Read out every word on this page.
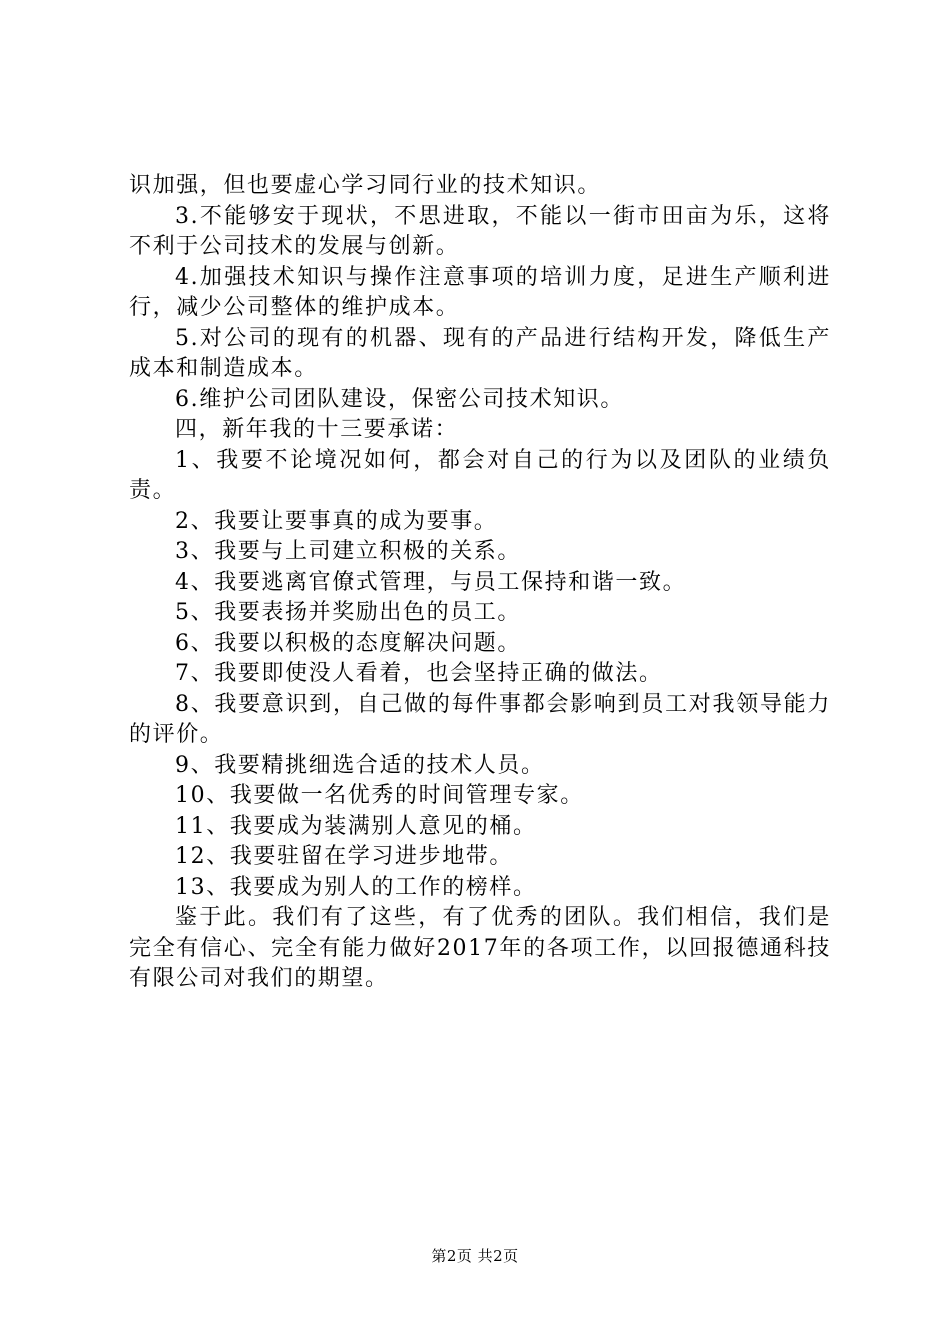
识加强，但也要虚心学习同行业的技术知识。

3.不能够安于现状，不思进取，不能以一街市田亩为乐，这将不利于公司技术的发展与创新。

4.加强技术知识与操作注意事项的培训力度，足进生产顺利进行，减少公司整体的维护成本。

5.对公司的现有的机器、现有的产品进行结构开发，降低生产成本和制造成本。

6.维护公司团队建设，保密公司技术知识。

四，新年我的十三要承诺：

1、我要不论境况如何，都会对自己的行为以及团队的业绩负责。

2、我要让要事真的成为要事。

3、我要与上司建立积极的关系。

4、我要逃离官僚式管理，与员工保持和谐一致。

5、我要表扬并奖励出色的员工。

6、我要以积极的态度解决问题。

7、我要即使没人看着，也会坚持正确的做法。

8、我要意识到，自己做的每件事都会影响到员工对我领导能力的评价。

9、我要精挑细选合适的技术人员。

10、我要做一名优秀的时间管理专家。

11、我要成为装满别人意见的桶。

12、我要驻留在学习进步地带。

13、我要成为别人的工作的榜样。

鉴于此。我们有了这些，有了优秀的团队。我们相信，我们是完全有信心、完全有能力做好2017年的各项工作，以回报德通科技有限公司对我们的期望。

第2页 共2页
